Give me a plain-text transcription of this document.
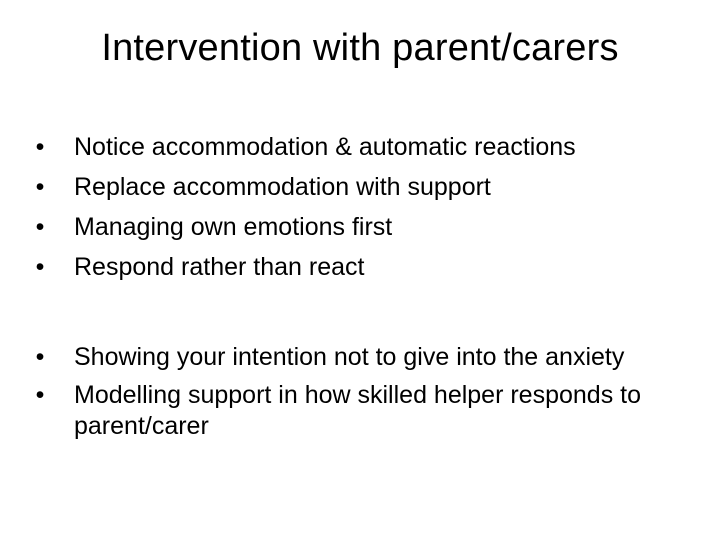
Intervention with parent/carers
• Notice accommodation & automatic reactions
• Replace accommodation with support
• Managing own emotions first
• Respond rather than react
• Showing your intention not to give into the anxiety
• Modelling support in how skilled helper responds to parent/carer
